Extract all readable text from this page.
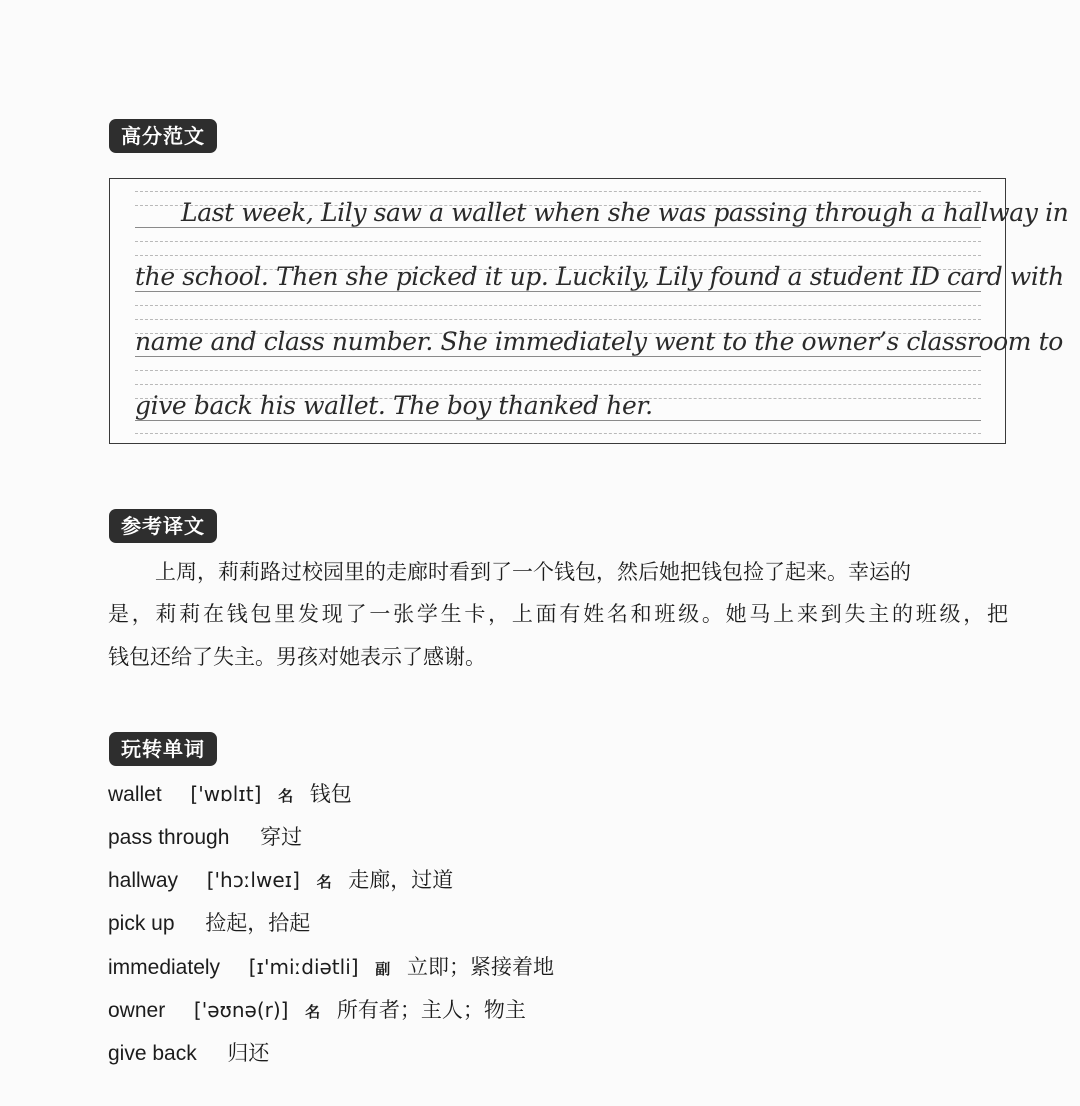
高分范文
Last week, Lily saw a wallet when she was passing through a hallway in
the school. Then she picked it up. Luckily, Lily found a student ID card with
name and class number. She immediately went to the owner’s classroom to
give back his wallet. The boy thanked her.
参考译文
上周，莉莉路过校园里的走廊时看到了一个钱包，然后她把钱包捡了起来。幸运的
是，莉莉在钱包里发现了一张学生卡，上面有姓名和班级。她马上来到失主的班级，把
钱包还给了失主。男孩对她表示了感谢。
玩转单词
wallet ['wɒlɪt] 名 钱包
pass through 穿过
hallway ['hɔːlweɪ] 名 走廊，过道
pick up 捡起，拾起
immediately [ɪ'miːdiətli] 副 立即；紧接着地
owner ['əʊnə(r)] 名 所有者；主人；物主
give back 归还
